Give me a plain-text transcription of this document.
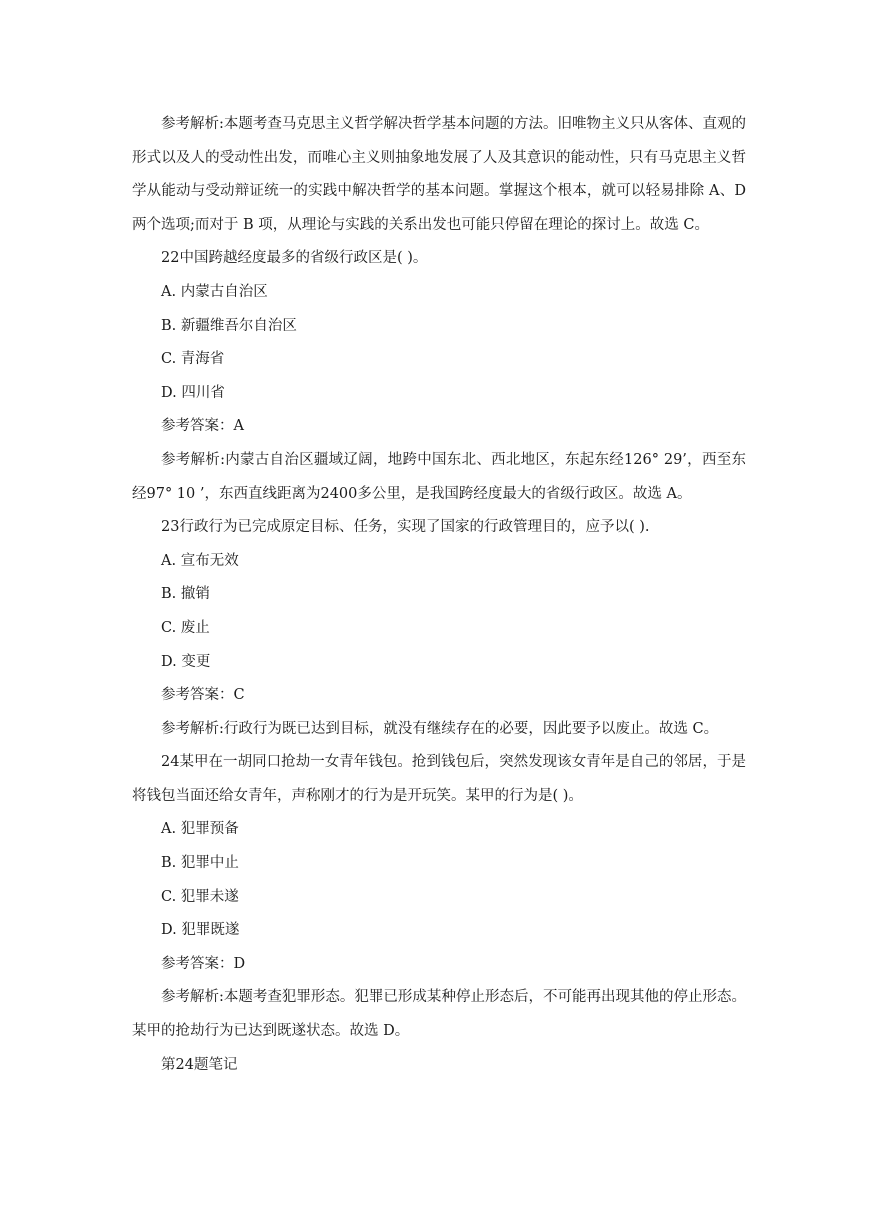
参考解析:本题考查马克思主义哲学解决哲学基本问题的方法。旧唯物主义只从客体、直观的形式以及人的受动性出发，而唯心主义则抽象地发展了人及其意识的能动性，只有马克思主义哲学从能动与受动辩证统一的实践中解决哲学的基本问题。掌握这个根本，就可以轻易排除 A、D 两个选项;而对于 B 项，从理论与实践的关系出发也可能只停留在理论的探讨上。故选 C。

22中国跨越经度最多的省级行政区是( )。

A. 内蒙古自治区

B. 新疆维吾尔自治区

C. 青海省

D. 四川省

参考答案：A

参考解析:内蒙古自治区疆域辽阔，地跨中国东北、西北地区，东起东经126° 29’，西至东经97° 10 ’，东西直线距离为2400多公里，是我国跨经度最大的省级行政区。故选 A。

23行政行为已完成原定目标、任务，实现了国家的行政管理目的，应予以( ).

A. 宣布无效

B. 撤销

C. 废止

D. 变更

参考答案：C

参考解析:行政行为既已达到目标，就没有继续存在的必要，因此要予以废止。故选 C。

24某甲在一胡同口抢劫一女青年钱包。抢到钱包后，突然发现该女青年是自己的邻居，于是将钱包当面还给女青年，声称刚才的行为是开玩笑。某甲的行为是( )。

A. 犯罪预备

B. 犯罪中止

C. 犯罪未遂

D. 犯罪既遂

参考答案：D

参考解析:本题考查犯罪形态。犯罪已形成某种停止形态后，不可能再出现其他的停止形态。某甲的抢劫行为已达到既遂状态。故选 D。

第24题笔记
